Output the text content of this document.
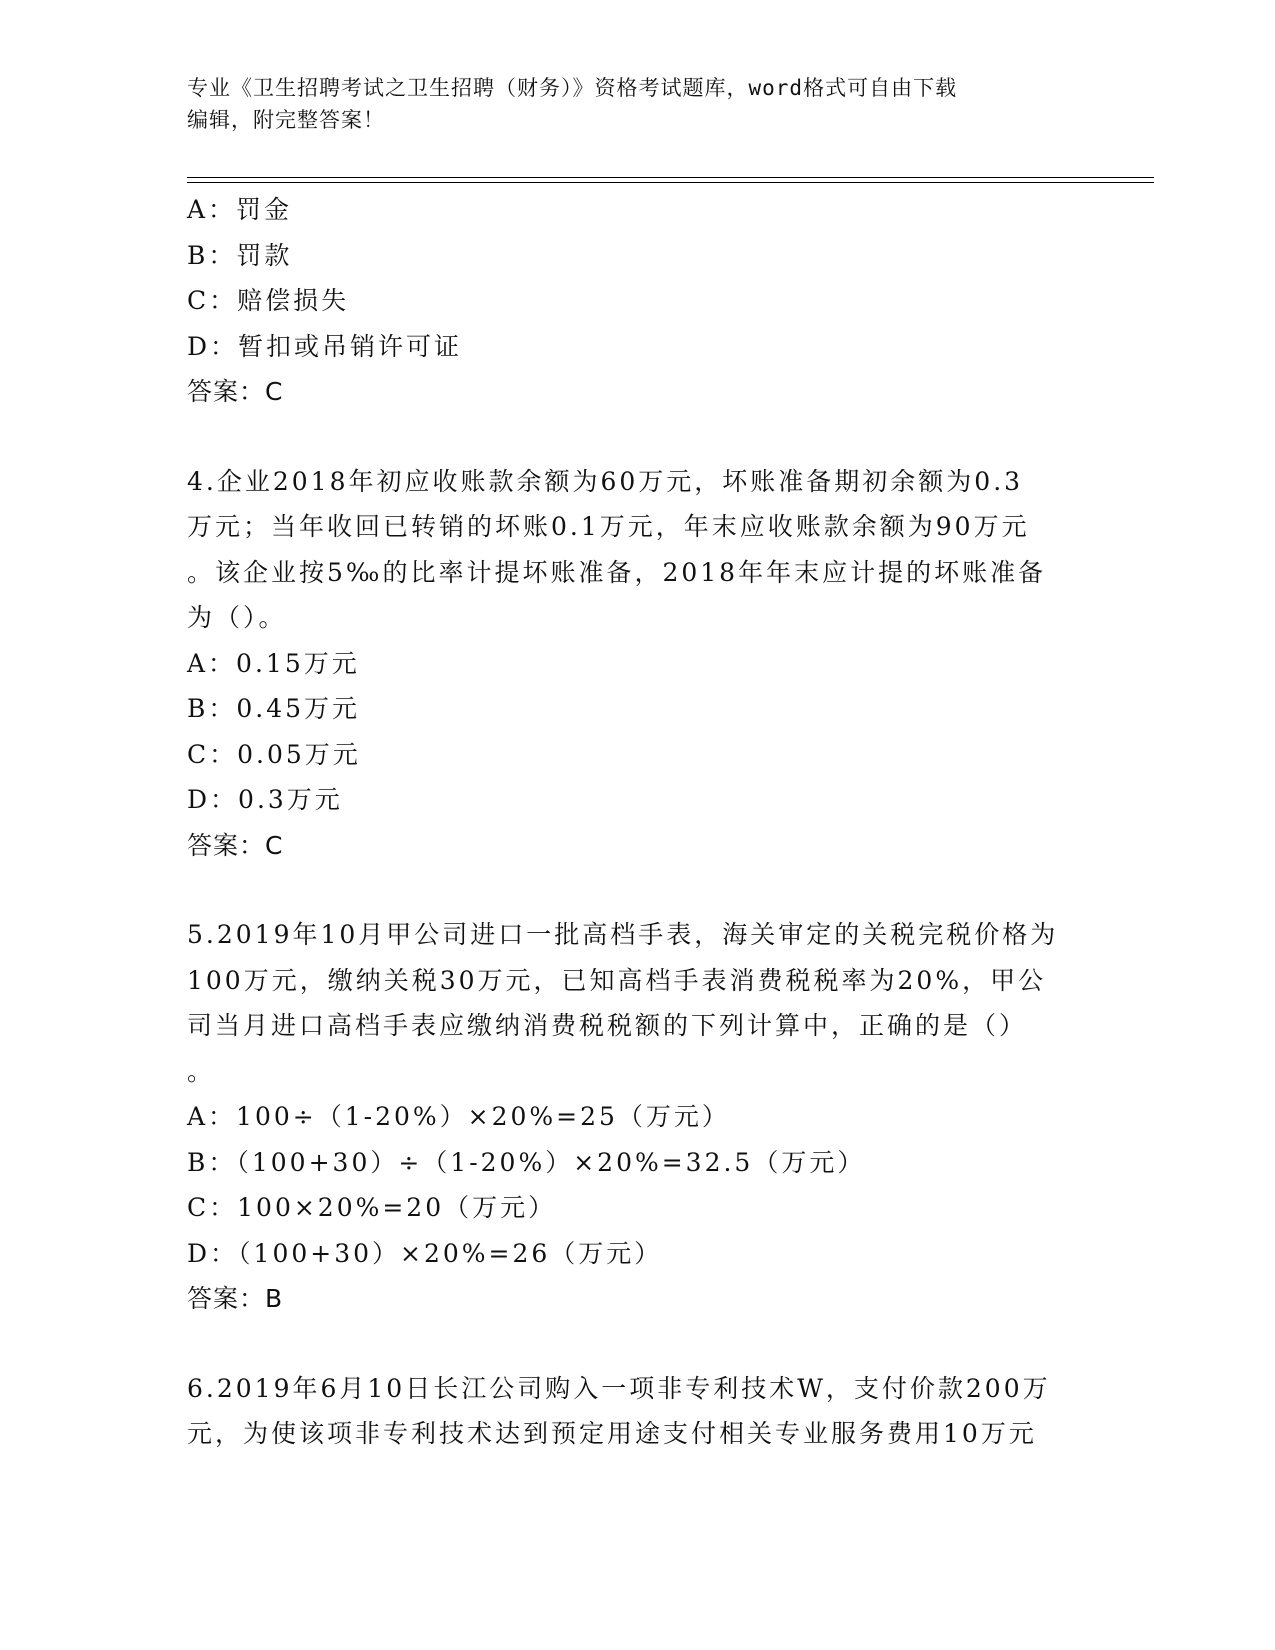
专业《卫生招聘考试之卫生招聘（财务）》资格考试题库，word格式可自由下载
编辑，附完整答案！
A：罚金
B：罚款
C：赔偿损失
D：暂扣或吊销许可证
答案：C
4.企业2018年初应收账款余额为60万元，坏账准备期初余额为0.3
万元；当年收回已转销的坏账0.1万元，年末应收账款余额为90万元
。该企业按5‰的比率计提坏账准备，2018年年末应计提的坏账准备
为（）。
A：0.15万元
B：0.45万元
C：0.05万元
D：0.3万元
答案：C
5.2019年10月甲公司进口一批高档手表，海关审定的关税完税价格为
100万元，缴纳关税30万元，已知高档手表消费税税率为20%，甲公
司当月进口高档手表应缴纳消费税税额的下列计算中，正确的是（）
。
A：100÷（1-20%）×20%=25（万元）
B：（100+30）÷（1-20%）×20%=32.5（万元）
C：100×20%=20（万元）
D：（100+30）×20%=26（万元）
答案：B
6.2019年6月10日长江公司购入一项非专利技术W，支付价款200万
元，为使该项非专利技术达到预定用途支付相关专业服务费用10万元
